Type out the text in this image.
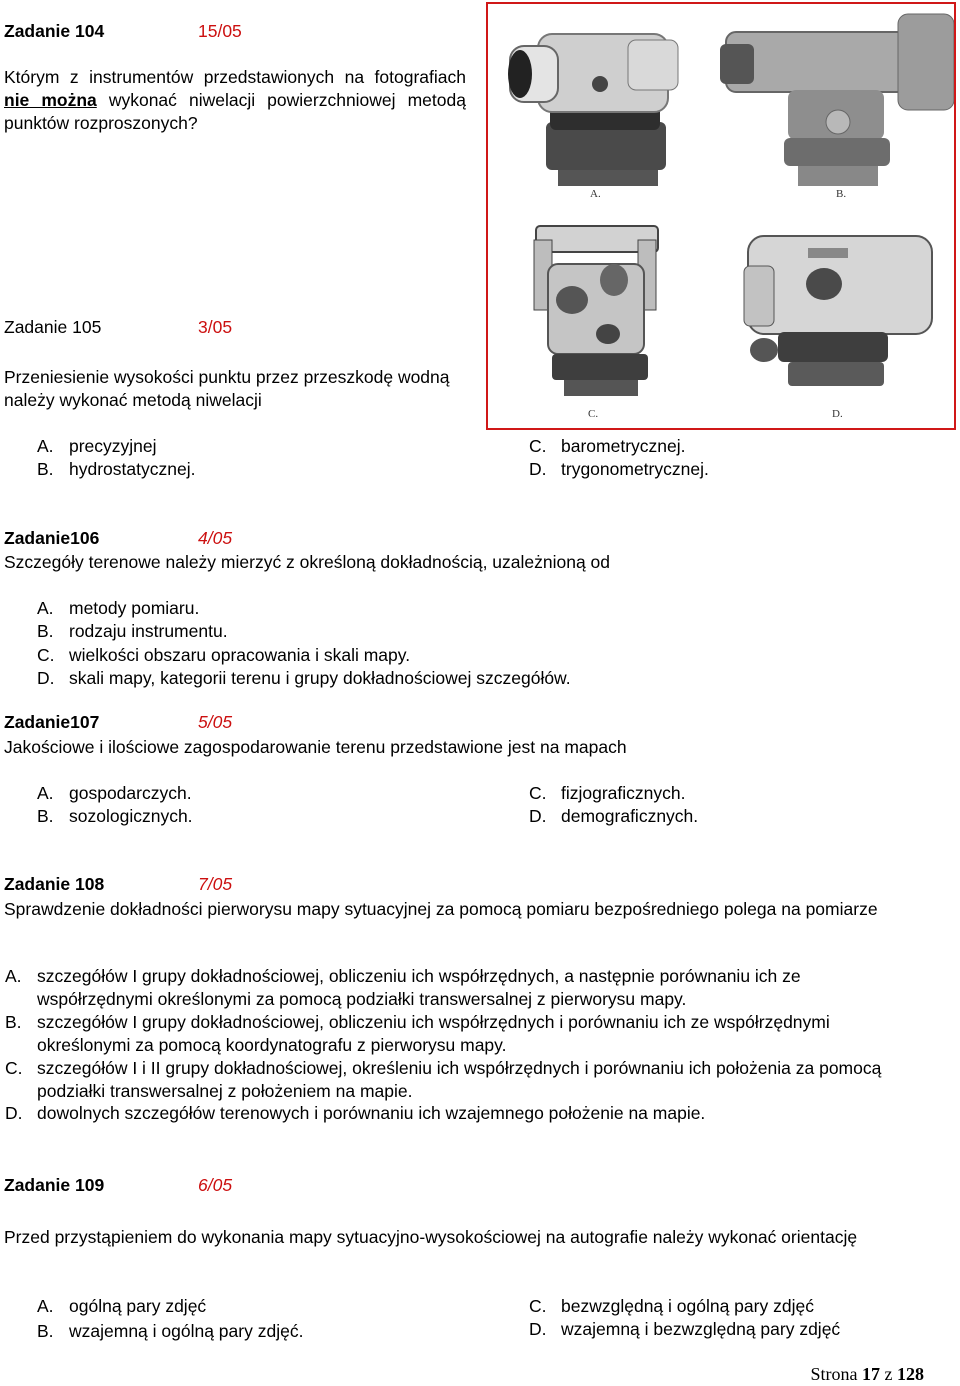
Zadanie 104	15/05
Którym z instrumentów przedstawionych na fotografiach nie można wykonać niwelacji powierzchniowej metodą punktów rozproszonych?
A.	B.
C.	D.
Zadanie 105	3/05
Przeniesienie wysokości punktu przez przeszkodę wodną należy wykonać metodą niwelacji
A. precyzyjnej
B. hydrostatycznej.
C. barometrycznej.
D. trygonometrycznej.
Zadanie106	4/05
Szczegóły terenowe należy mierzyć z określoną dokładnością, uzależnioną od
A. metody pomiaru.
B. rodzaju instrumentu.
C. wielkości obszaru opracowania i skali mapy.
D. skali mapy, kategorii terenu i grupy dokładnościowej szczegółów.
Zadanie107	5/05
Jakościowe i ilościowe zagospodarowanie terenu przedstawione jest na mapach
A. gospodarczych.
B. sozologicznych.
C. fizjograficznych.
D. demograficznych.
Zadanie 108	7/05
Sprawdzenie dokładności pierworysu mapy sytuacyjnej za pomocą pomiaru bezpośredniego polega na pomiarze
A. szczegółów I grupy dokładnościowej, obliczeniu ich współrzędnych, a następnie porównaniu ich ze współrzędnymi określonymi za pomocą podziałki transwersalnej z pierworysu mapy.
B. szczegółów I grupy dokładnościowej, obliczeniu ich współrzędnych i porównaniu ich ze współrzędnymi określonymi za pomocą koordynatografu z pierworysu mapy.
C. szczegółów I i II grupy dokładnościowej, określeniu ich współrzędnych i porównaniu ich położenia za pomocą podziałki transwersalnej z położeniem na mapie.
D. dowolnych szczegółów terenowych i porównaniu ich wzajemnego położenie na mapie.
Zadanie 109	6/05
Przed przystąpieniem do wykonania mapy sytuacyjno-wysokościowej na autografie należy wykonać orientację
A. ogólną pary zdjęć
B. wzajemną i ogólną pary zdjęć.
C. bezwzględną i ogólną pary zdjęć
D. wzajemną i bezwzględną pary zdjęć
Strona 17 z 128
